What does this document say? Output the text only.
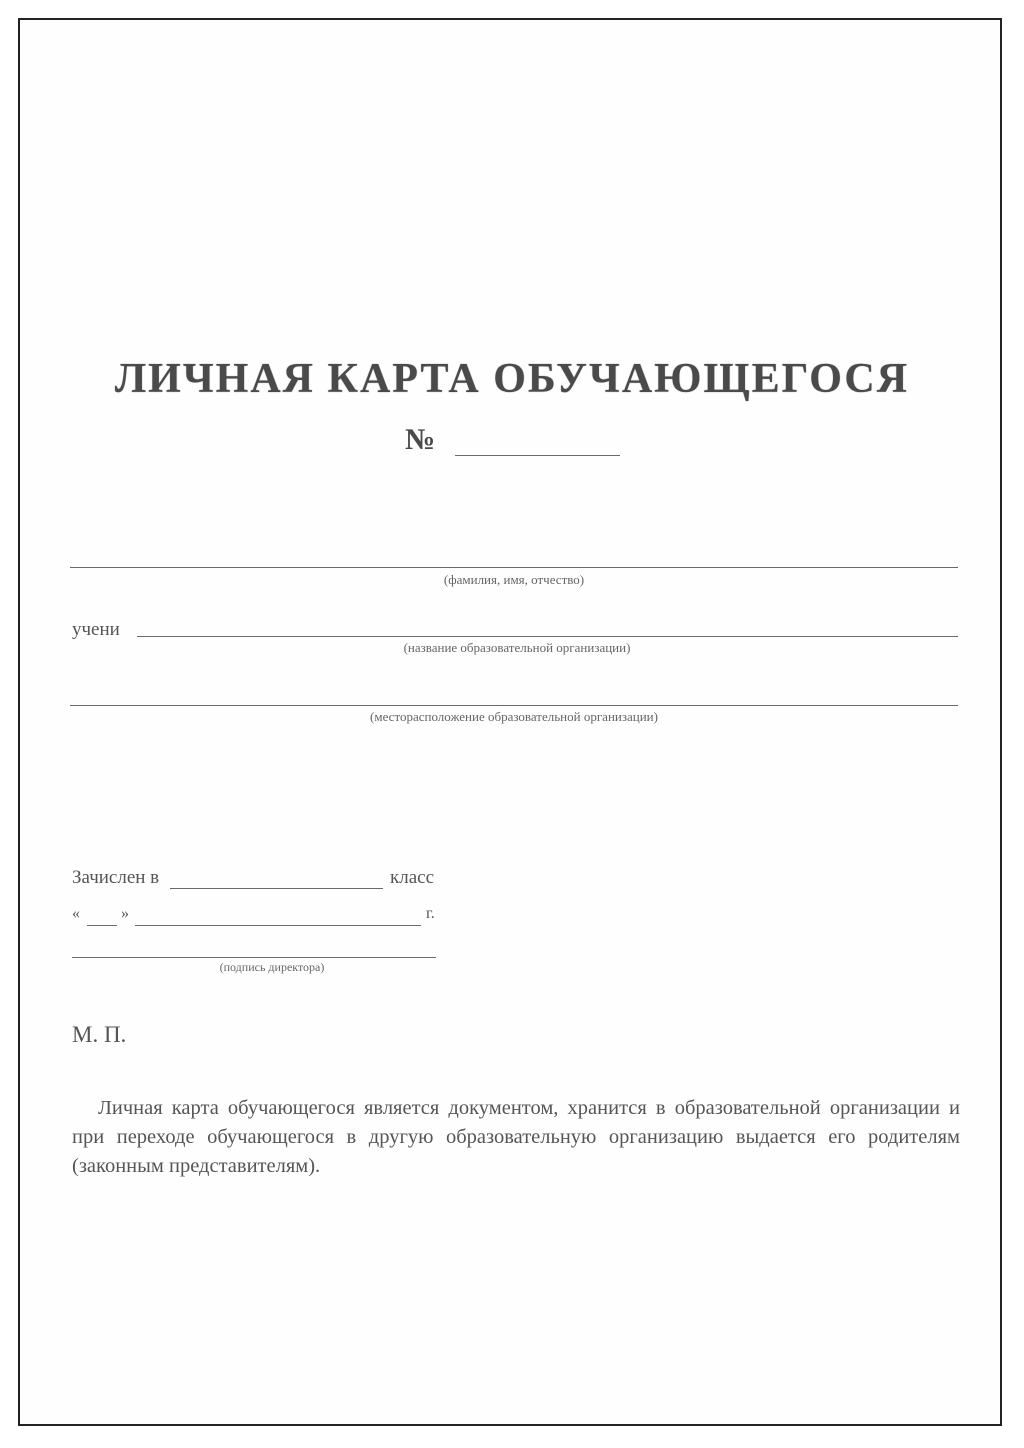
ЛИЧНАЯ КАРТА ОБУЧАЮЩЕГОСЯ
№
(фамилия, имя, отчество)
учени
(название образовательной организации)
(месторасположение образовательной организации)
Зачислен в	класс
«	»	г.
(подпись директора)
М. П.
Личная карта обучающегося является документом, хранится в образовательной организации и при переходе обучающегося в другую образовательную организацию выдается его родителям (законным представителям).
